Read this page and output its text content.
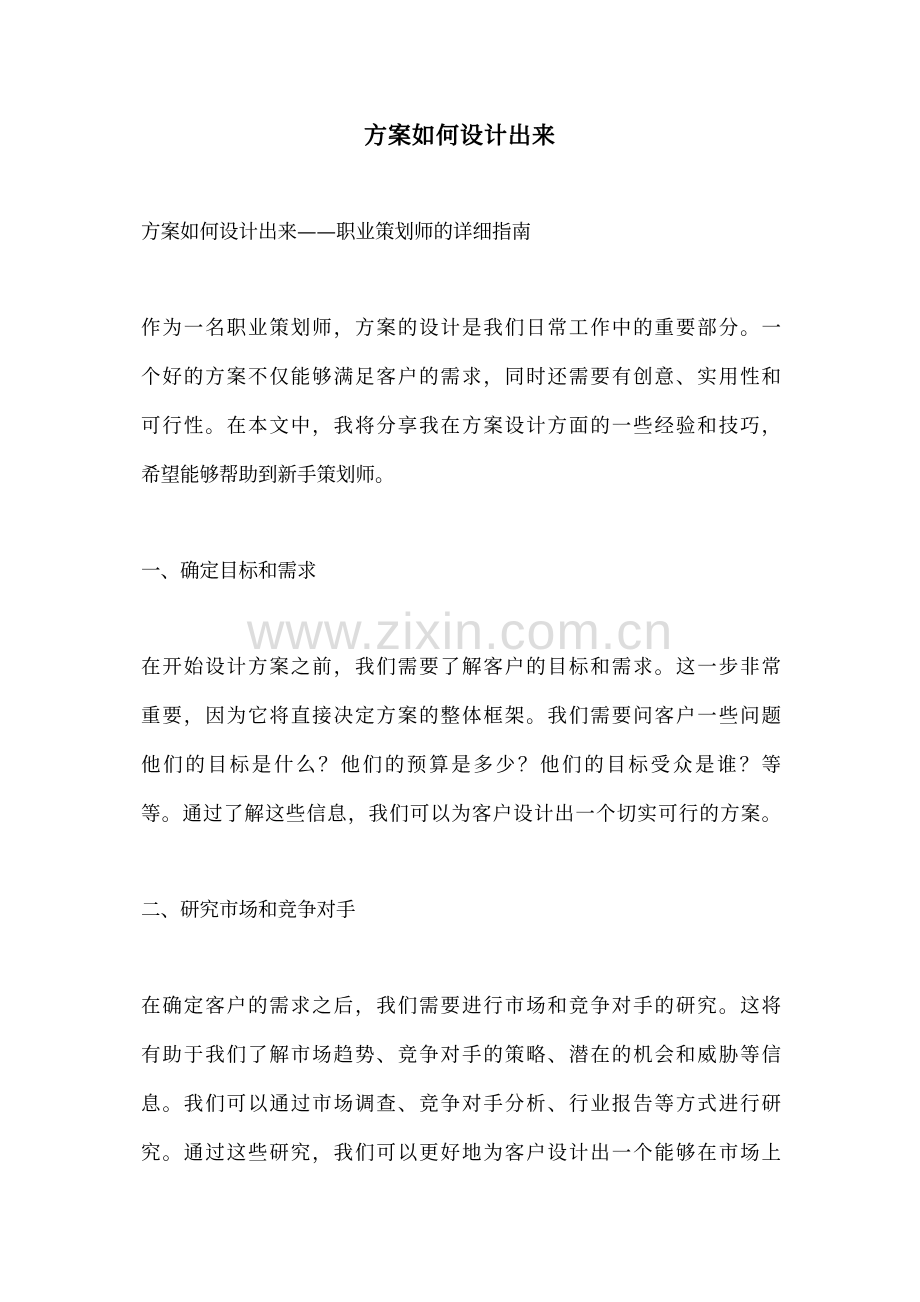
www.zixin.com.cn
方案如何设计出来
方案如何设计出来——职业策划师的详细指南
作为一名职业策划师，方案的设计是我们日常工作中的重要部分。一
个好的方案不仅能够满足客户的需求，同时还需要有创意、实用性和
可行性。在本文中，我将分享我在方案设计方面的一些经验和技巧，
希望能够帮助到新手策划师。
一、确定目标和需求
在开始设计方案之前，我们需要了解客户的目标和需求。这一步非常
重要，因为它将直接决定方案的整体框架。我们需要问客户一些问题
他们的目标是什么？他们的预算是多少？他们的目标受众是谁？等
等。通过了解这些信息，我们可以为客户设计出一个切实可行的方案。
二、研究市场和竞争对手
在确定客户的需求之后，我们需要进行市场和竞争对手的研究。这将
有助于我们了解市场趋势、竞争对手的策略、潜在的机会和威胁等信
息。我们可以通过市场调查、竞争对手分析、行业报告等方式进行研
究。通过这些研究，我们可以更好地为客户设计出一个能够在市场上
